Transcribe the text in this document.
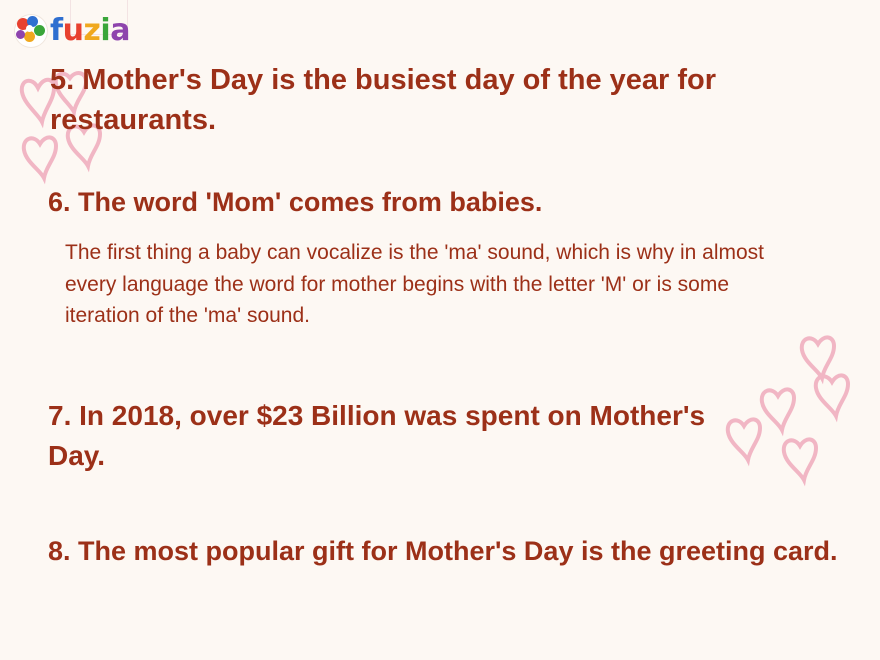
fuzia
5. Mother's Day is the busiest day of the year for restaurants.
6. The word 'Mom' comes from babies.
The first thing a baby can vocalize is the 'ma' sound, which is why in almost every language the word for mother begins with the letter 'M' or is some iteration of the 'ma' sound.
7. In 2018, over $23 Billion was spent on Mother's Day.
8. The most popular gift for Mother's Day is the greeting card.
